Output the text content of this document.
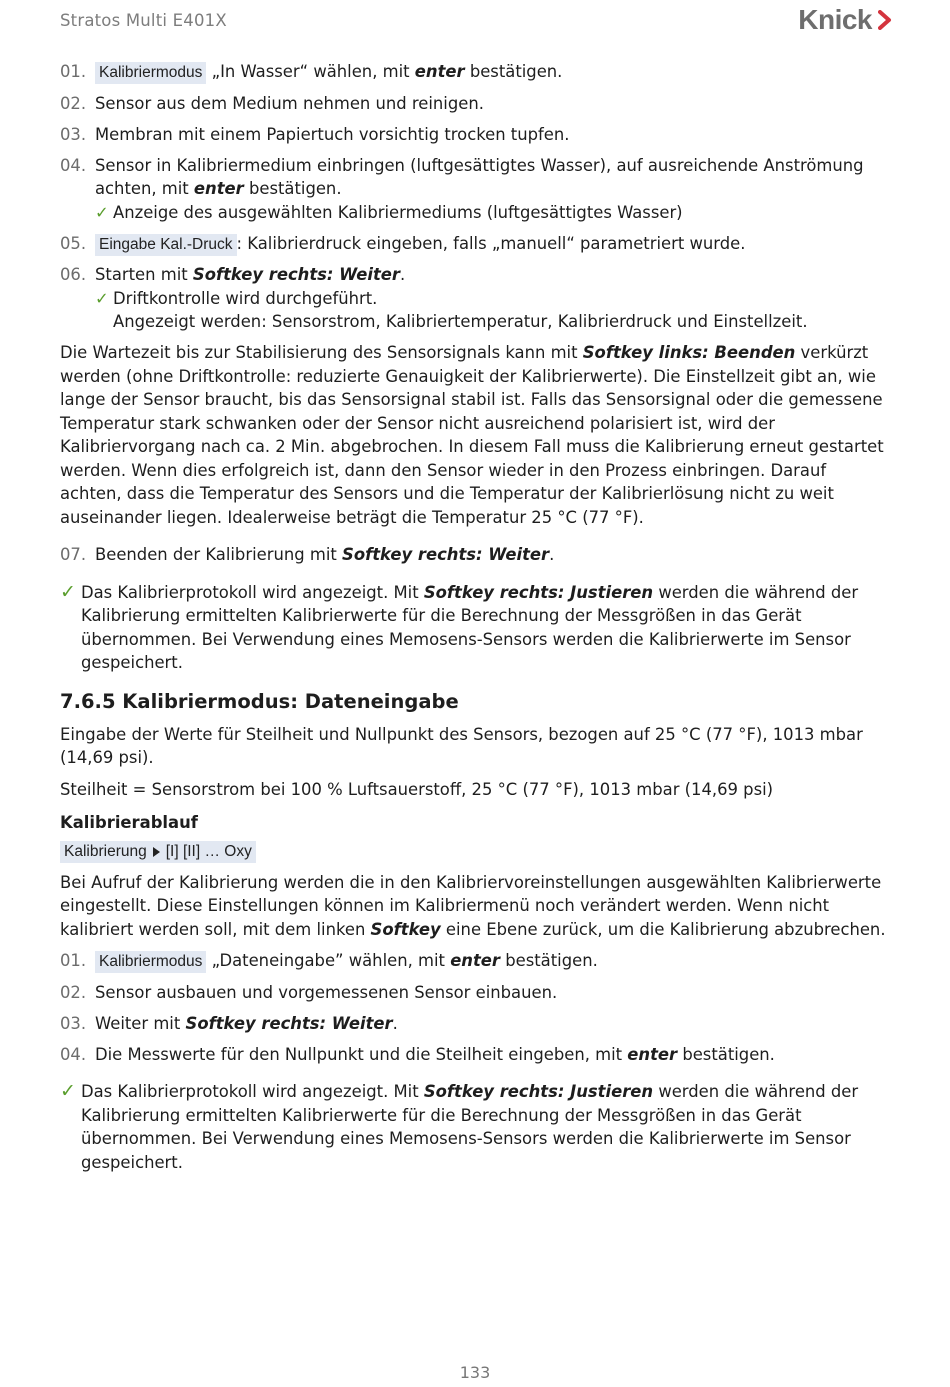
Stratos Multi E401X	Knick
01. Kalibriermodus „In Wasser“ wählen, mit enter bestätigen.
02. Sensor aus dem Medium nehmen und reinigen.
03. Membran mit einem Papiertuch vorsichtig trocken tupfen.
04. Sensor in Kalibriermedium einbringen (luftgesättigtes Wasser), auf ausreichende Anströmung achten, mit enter bestätigen.
✓ Anzeige des ausgewählten Kalibriermediums (luftgesättigtes Wasser)
05. Eingabe Kal.-Druck : Kalibrierdruck eingeben, falls „manuell“ parametriert wurde.
06. Starten mit Softkey rechts: Weiter.
✓ Driftkontrolle wird durchgeführt.
Angezeigt werden: Sensorstrom, Kalibriertemperatur, Kalibrierdruck und Einstellzeit.

Die Wartezeit bis zur Stabilisierung des Sensorsignals kann mit Softkey links: Beenden verkürzt werden (ohne Driftkontrolle: reduzierte Genauigkeit der Kalibrierwerte). Die Einstellzeit gibt an, wie lange der Sensor braucht, bis das Sensorsignal stabil ist. Falls das Sensorsignal oder die gemessene Temperatur stark schwanken oder der Sensor nicht ausreichend polarisiert ist, wird der Kalibriervorgang nach ca. 2 Min. abgebrochen. In diesem Fall muss die Kalibrierung erneut gestartet werden. Wenn dies erfolgreich ist, dann den Sensor wieder in den Prozess einbringen. Darauf achten, dass die Temperatur des Sensors und die Temperatur der Kalibrierlösung nicht zu weit auseinander liegen. Idealerweise beträgt die Temperatur 25 °C (77 °F).

07. Beenden der Kalibrierung mit Softkey rechts: Weiter.
✓ Das Kalibrierprotokoll wird angezeigt. Mit Softkey rechts: Justieren werden die während der Kalibrierung ermittelten Kalibrierwerte für die Berechnung der Messgrößen in das Gerät übernommen. Bei Verwendung eines Memosens-Sensors werden die Kalibrierwerte im Sensor gespeichert.
7.6.5 Kalibriermodus: Dateneingabe

Eingabe der Werte für Steilheit und Nullpunkt des Sensors, bezogen auf 25 °C (77 °F), 1013 mbar (14,69 psi).

Steilheit = Sensorstrom bei 100 % Luftsauerstoff, 25 °C (77 °F), 1013 mbar (14,69 psi)

Kalibrierablauf
Kalibrierung [I] [II] … Oxy

Bei Aufruf der Kalibrierung werden die in den Kalibriervoreinstellungen ausgewählten Kalibrierwerte eingestellt. Diese Einstellungen können im Kalibriermenü noch verändert werden. Wenn nicht kalibriert werden soll, mit dem linken Softkey eine Ebene zurück, um die Kalibrierung abzubrechen.

01. Kalibriermodus „Dateneingabe” wählen, mit enter bestätigen.
02. Sensor ausbauen und vorgemessenen Sensor einbauen.
03. Weiter mit Softkey rechts: Weiter.
04. Die Messwerte für den Nullpunkt und die Steilheit eingeben, mit enter bestätigen.
✓ Das Kalibrierprotokoll wird angezeigt. Mit Softkey rechts: Justieren werden die während der Kalibrierung ermittelten Kalibrierwerte für die Berechnung der Messgrößen in das Gerät übernommen. Bei Verwendung eines Memosens-Sensors werden die Kalibrierwerte im Sensor gespeichert.
133
